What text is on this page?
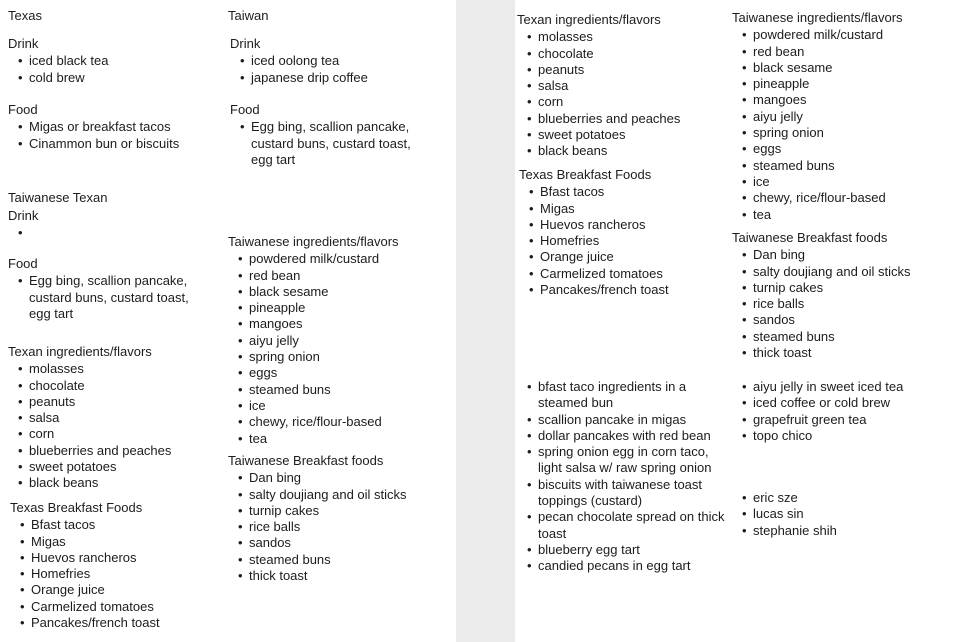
Texas
Drink
• iced black tea
• cold brew
Food
• Migas or breakfast tacos
• Cinammon bun or biscuits
Taiwanese Texan
Drink
•
Food
• Egg bing, scallion pancake, custard buns, custard toast, egg tart
Texan ingredients/flavors
• molasses
• chocolate
• peanuts
• salsa
• corn
• blueberries and peaches
• sweet potatoes
• black beans
Texas Breakfast Foods
• Bfast tacos
• Migas
• Huevos rancheros
• Homefries
• Orange juice
• Carmelized tomatoes
• Pancakes/french toast
Taiwan
Drink
• iced oolong tea
• japanese drip coffee
Food
• Egg bing, scallion pancake, custard buns, custard toast, egg tart
Taiwanese ingredients/flavors
• powdered milk/custard
• red bean
• black sesame
• pineapple
• mangoes
• aiyu jelly
• spring onion
• eggs
• steamed buns
• ice
• chewy, rice/flour-based
• tea
Taiwanese Breakfast foods
• Dan bing
• salty doujiang and oil sticks
• turnip cakes
• rice balls
• sandos
• steamed buns
• thick toast
Texan ingredients/flavors
• molasses
• chocolate
• peanuts
• salsa
• corn
• blueberries and peaches
• sweet potatoes
• black beans
Texas Breakfast Foods
• Bfast tacos
• Migas
• Huevos rancheros
• Homefries
• Orange juice
• Carmelized tomatoes
• Pancakes/french toast
• bfast taco ingredients in a steamed bun
• scallion pancake in migas
• dollar pancakes with red bean
• spring onion egg in corn taco, light salsa w/ raw spring onion
• biscuits with taiwanese toast toppings (custard)
• pecan chocolate spread on thick toast
• blueberry egg tart
• candied pecans in egg tart
Taiwanese ingredients/flavors
• powdered milk/custard
• red bean
• black sesame
• pineapple
• mangoes
• aiyu jelly
• spring onion
• eggs
• steamed buns
• ice
• chewy, rice/flour-based
• tea
Taiwanese Breakfast foods
• Dan bing
• salty doujiang and oil sticks
• turnip cakes
• rice balls
• sandos
• steamed buns
• thick toast
• aiyu jelly in sweet iced tea
• iced coffee or cold brew
• grapefruit green tea
• topo chico
• eric sze
• lucas sin
• stephanie shih
